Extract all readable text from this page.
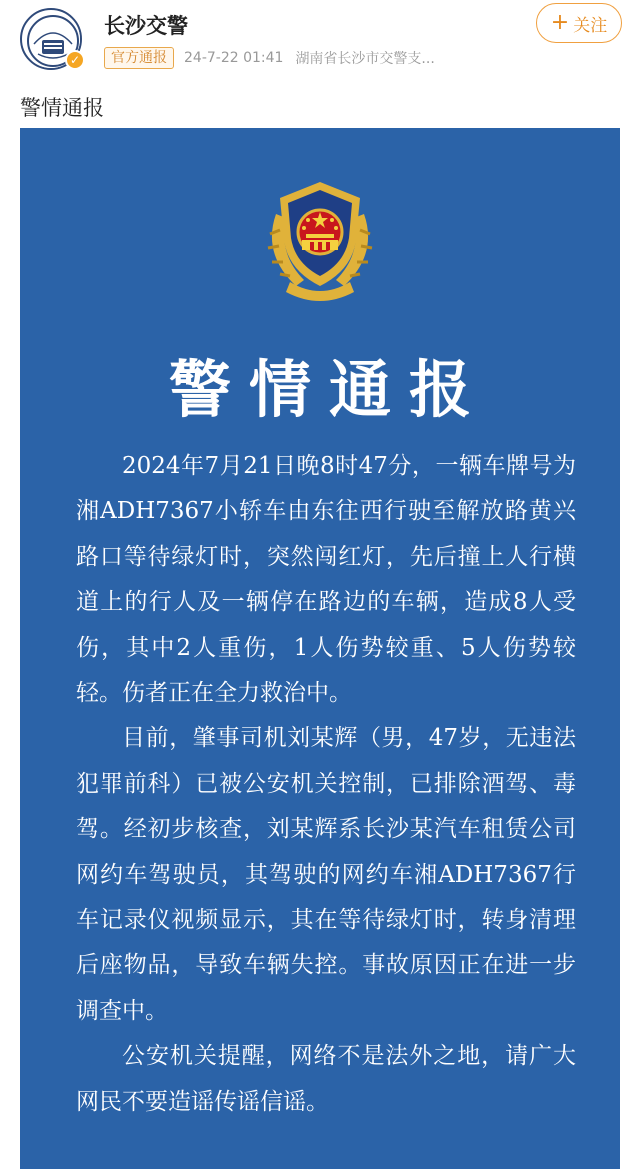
✓
长沙交警
官方通报	24-7-22 01:41 湖南省长沙市交警支...
+ 关注
警情通报
警情通报

2024年7月21日晚8时47分，一辆车牌号为湘ADH7367小轿车由东往西行驶至解放路黄兴路口等待绿灯时，突然闯红灯，先后撞上人行横道上的行人及一辆停在路边的车辆，造成8人受伤，其中2人重伤，1人伤势较重、5人伤势较轻。伤者正在全力救治中。

目前，肇事司机刘某辉（男，47岁，无违法犯罪前科）已被公安机关控制，已排除酒驾、毒驾。经初步核查，刘某辉系长沙某汽车租赁公司网约车驾驶员，其驾驶的网约车湘ADH7367行车记录仪视频显示，其在等待绿灯时，转身清理后座物品，导致车辆失控。事故原因正在进一步调查中。

公安机关提醒，网络不是法外之地，请广大网民不要造谣传谣信谣。
